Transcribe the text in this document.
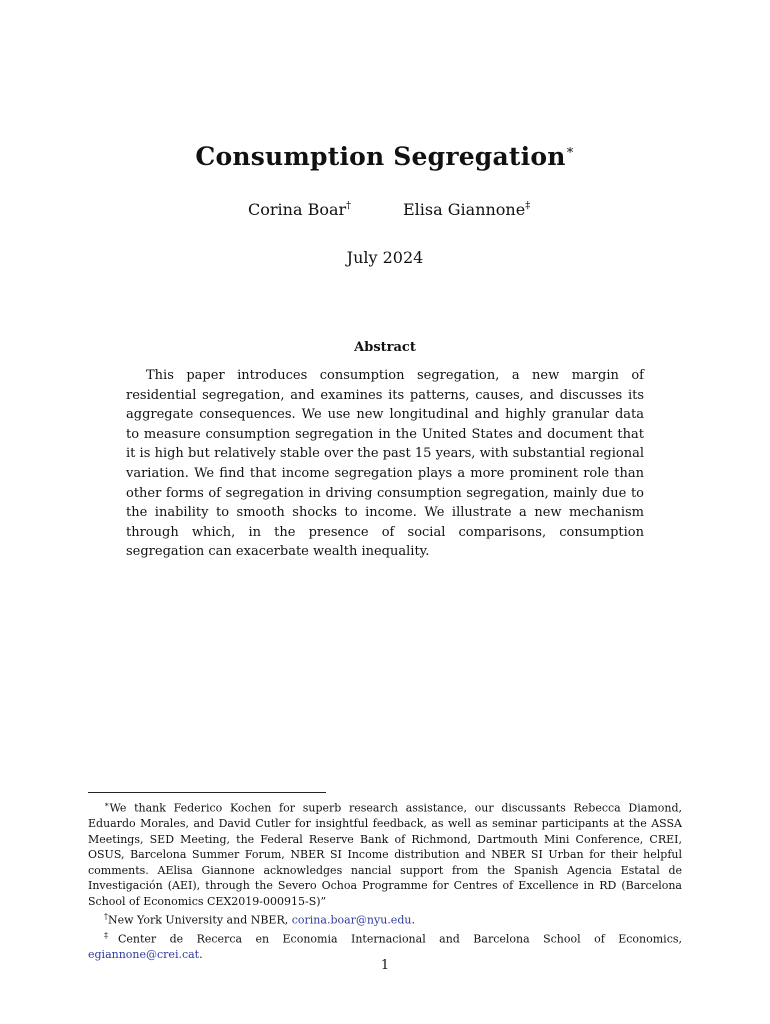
Consumption Segregation∗
Corina Boar†	Elisa Giannone‡
July 2024
Abstract

This paper introduces consumption segregation, a new margin of residential segregation, and examines its patterns, causes, and discusses its aggregate consequences. We use new longitudinal and highly granular data to measure consumption segregation in the United States and document that it is high but relatively stable over the past 15 years, with substantial regional variation. We find that income segregation plays a more prominent role than other forms of segregation in driving consumption segregation, mainly due to the inability to smooth shocks to income. We illustrate a new mechanism through which, in the presence of social comparisons, consumption segregation can exacerbate wealth inequality.

∗We thank Federico Kochen for superb research assistance, our discussants Rebecca Diamond, Eduardo Morales, and David Cutler for insightful feedback, as well as seminar participants at the ASSA Meetings, SED Meeting, the Federal Reserve Bank of Richmond, Dartmouth Mini Conference, CREI, OSUS, Barcelona Summer Forum, NBER SI Income distribution and NBER SI Urban for their helpful comments. AElisa Giannone acknowledges nancial support from the Spanish Agencia Estatal de Investigación (AEI), through the Severo Ochoa Programme for Centres of Excellence in RD (Barcelona School of Economics CEX2019-000915-S)”

†New York University and NBER, corina.boar@nyu.edu.

‡Center de Recerca en Economia Internacional and Barcelona School of Economics, egiannone@crei.cat.

1
